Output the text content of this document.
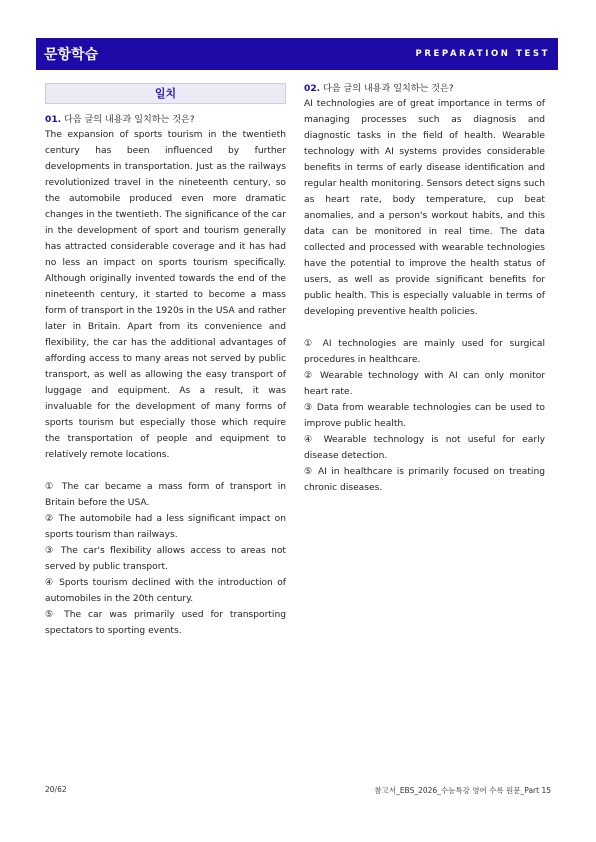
문항학습	PREPARATION TEST
일치
01. 다음 글의 내용과 일치하는 것은?

The expansion of sports tourism in the twentieth century has been influenced by further developments in transportation. Just as the railways revolutionized travel in the nineteenth century, so the automobile produced even more dramatic changes in the twentieth. The significance of the car in the development of sport and tourism generally has attracted considerable coverage and it has had no less an impact on sports tourism specifically. Although originally invented towards the end of the nineteenth century, it started to become a mass form of transport in the 1920s in the USA and rather later in Britain. Apart from its convenience and flexibility, the car has the additional advantages of affording access to many areas not served by public transport, as well as allowing the easy transport of luggage and equipment. As a result, it was invaluable for the development of many forms of sports tourism but especially those which require the transportation of people and equipment to relatively remote locations.

① The car became a mass form of transport in Britain before the USA.
② The automobile had a less significant impact on sports tourism than railways.
③ The car's flexibility allows access to areas not served by public transport.
④ Sports tourism declined with the introduction of automobiles in the 20th century.
⑤ The car was primarily used for transporting spectators to sporting events.
02. 다음 글의 내용과 일치하는 것은?

AI technologies are of great importance in terms of managing processes such as diagnosis and diagnostic tasks in the field of health. Wearable technology with AI systems provides considerable benefits in terms of early disease identification and regular health monitoring. Sensors detect signs such as heart rate, body temperature, cup beat anomalies, and a person's workout habits, and this data can be monitored in real time. The data collected and processed with wearable technologies have the potential to improve the health status of users, as well as provide significant benefits for public health. This is especially valuable in terms of developing preventive health policies.

① AI technologies are mainly used for surgical procedures in healthcare.
② Wearable technology with AI can only monitor heart rate.
③ Data from wearable technologies can be used to improve public health.
④ Wearable technology is not useful for early disease detection.
⑤ AI in healthcare is primarily focused on treating chronic diseases.
20/62	참고서_EBS_2026_수능특강 영어 수록 원문_Part 15
